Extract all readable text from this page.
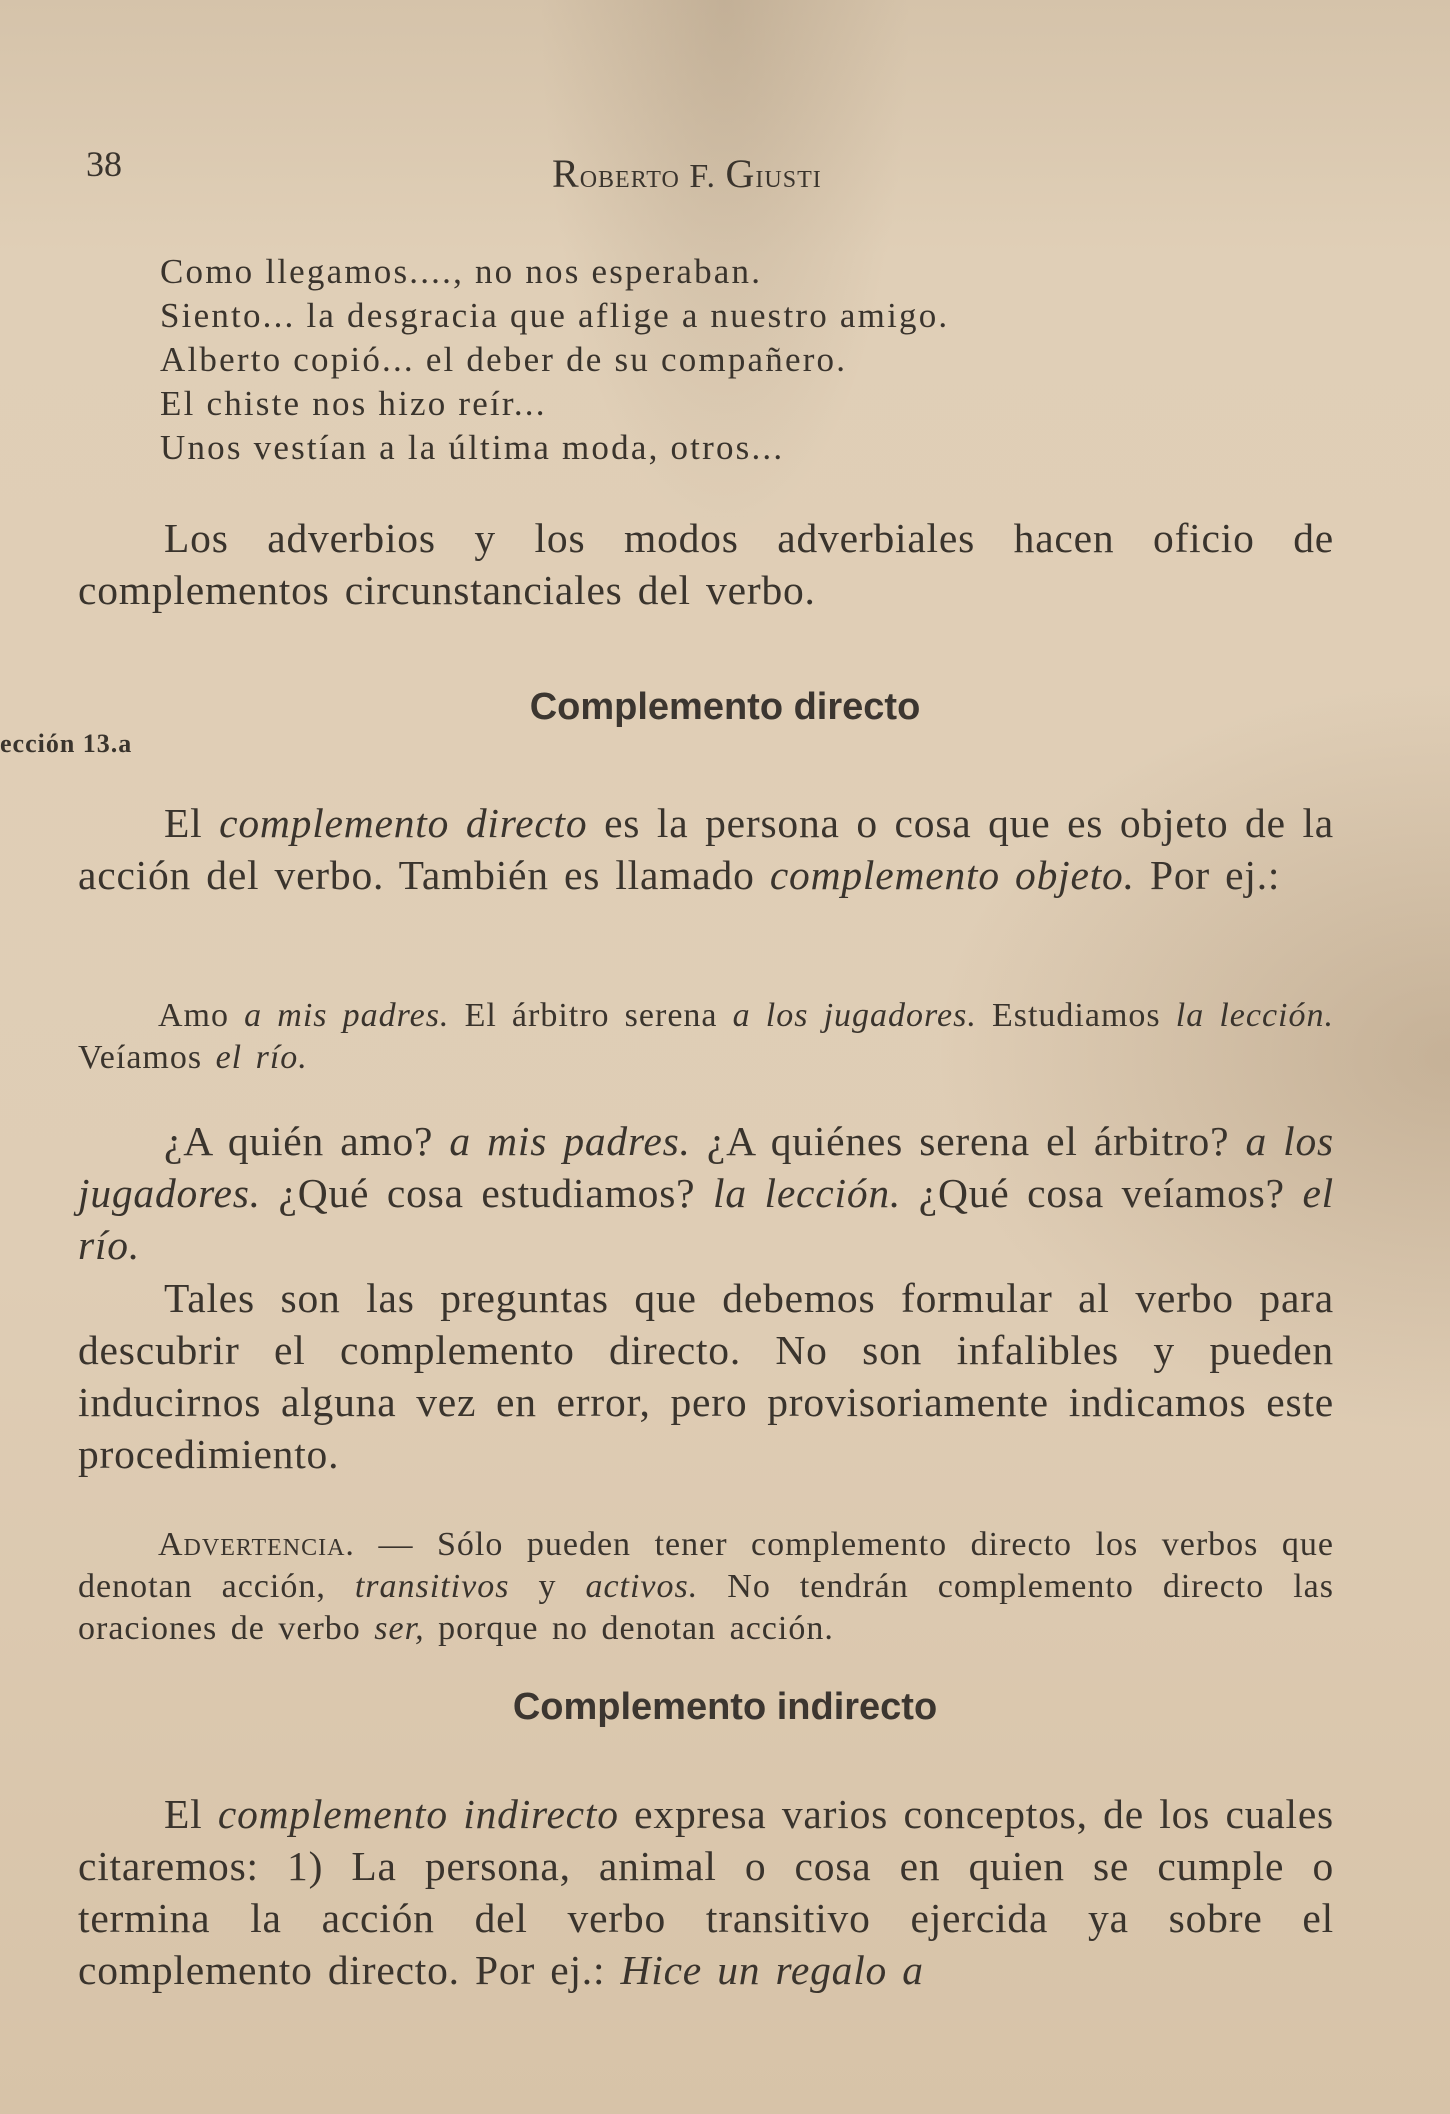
38	Roberto F. Giusti
Como llegamos...., no nos esperaban.
Siento... la desgracia que aflige a nuestro amigo.
Alberto copió... el deber de su compañero.
El chiste nos hizo reír...
Unos vestían a la última moda, otros...

Los adverbios y los modos adverbiales hacen oficio de complementos circunstanciales del verbo.

Complemento directo
ección 13.a

El complemento directo es la persona o cosa que es objeto de la acción del verbo. También es llamado complemento objeto. Por ej.:

Amo a mis padres. El árbitro serena a los jugadores. Estudiamos la lección. Veíamos el río.

¿A quién amo? a mis padres. ¿A quiénes serena el árbitro? a los jugadores. ¿Qué cosa estudiamos? la lección. ¿Qué cosa veíamos? el río.

Tales son las preguntas que debemos formular al verbo para descubrir el complemento directo. No son infalibles y pueden inducirnos alguna vez en error, pero provisoriamente indicamos este procedimiento.

Advertencia. — Sólo pueden tener complemento directo los verbos que denotan acción, transitivos y activos. No tendrán complemento directo las oraciones de verbo ser, porque no denotan acción.

Complemento indirecto

El complemento indirecto expresa varios conceptos, de los cuales citaremos: 1) La persona, animal o cosa en quien se cumple o termina la acción del verbo transitivo ejercida ya sobre el complemento directo. Por ej.: Hice un regalo a
